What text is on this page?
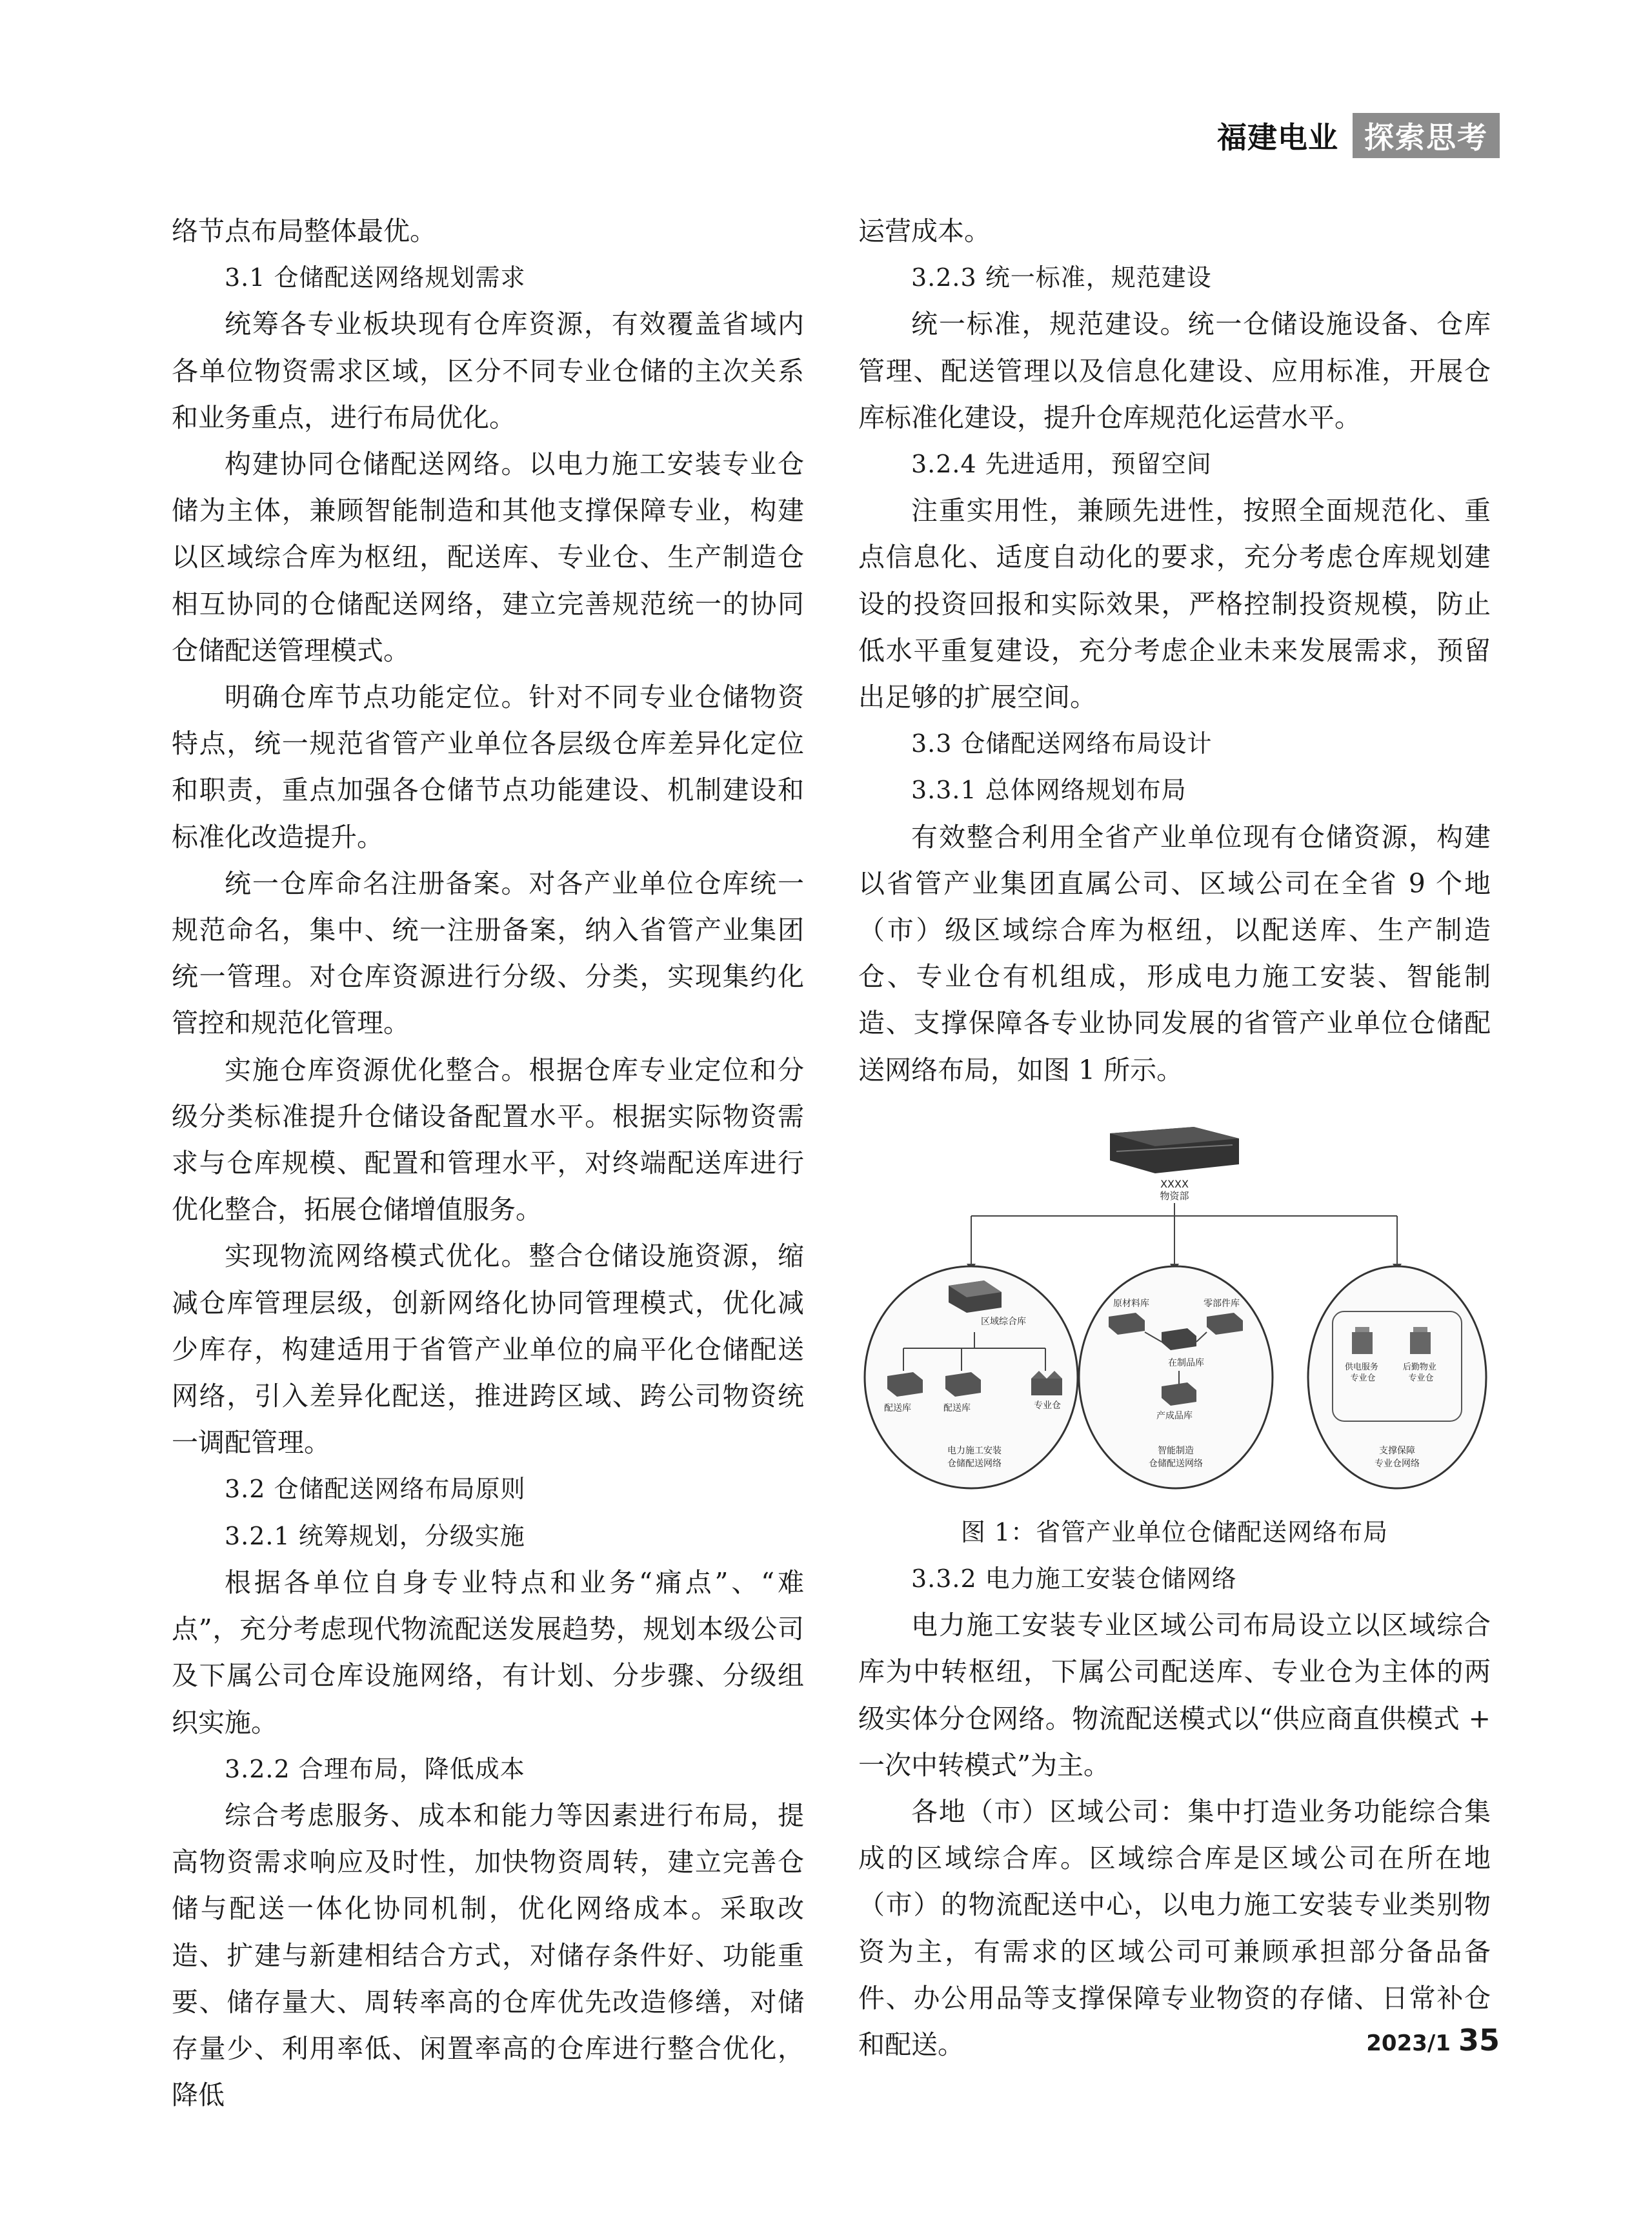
福建电业 探索思考

络节点布局整体最优。

3.1 仓储配送网络规划需求

统筹各专业板块现有仓库资源，有效覆盖省域内各单位物资需求区域，区分不同专业仓储的主次关系和业务重点，进行布局优化。

构建协同仓储配送网络。以电力施工安装专业仓储为主体，兼顾智能制造和其他支撑保障专业，构建以区域综合库为枢纽，配送库、专业仓、生产制造仓相互协同的仓储配送网络，建立完善规范统一的协同仓储配送管理模式。

明确仓库节点功能定位。针对不同专业仓储物资特点，统一规范省管产业单位各层级仓库差异化定位和职责，重点加强各仓储节点功能建设、机制建设和标准化改造提升。

统一仓库命名注册备案。对各产业单位仓库统一规范命名，集中、统一注册备案，纳入省管产业集团统一管理。对仓库资源进行分级、分类，实现集约化管控和规范化管理。

实施仓库资源优化整合。根据仓库专业定位和分级分类标准提升仓储设备配置水平。根据实际物资需求与仓库规模、配置和管理水平，对终端配送库进行优化整合，拓展仓储增值服务。

实现物流网络模式优化。整合仓储设施资源，缩减仓库管理层级，创新网络化协同管理模式，优化减少库存，构建适用于省管产业单位的扁平化仓储配送网络，引入差异化配送，推进跨区域、跨公司物资统一调配管理。

3.2 仓储配送网络布局原则

3.2.1 统筹规划，分级实施

根据各单位自身专业特点和业务“痛点”、“难点”，充分考虑现代物流配送发展趋势，规划本级公司及下属公司仓库设施网络，有计划、分步骤、分级组织实施。

3.2.2 合理布局，降低成本

综合考虑服务、成本和能力等因素进行布局，提高物资需求响应及时性，加快物资周转，建立完善仓储与配送一体化协同机制，优化网络成本。采取改造、扩建与新建相结合方式，对储存条件好、功能重要、储存量大、周转率高的仓库优先改造修缮，对储存量少、利用率低、闲置率高的仓库进行整合优化，降低

运营成本。

3.2.3 统一标准，规范建设

统一标准，规范建设。统一仓储设施设备、仓库管理、配送管理以及信息化建设、应用标准，开展仓库标准化建设，提升仓库规范化运营水平。

3.2.4 先进适用，预留空间

注重实用性，兼顾先进性，按照全面规范化、重点信息化、适度自动化的要求，充分考虑仓库规划建设的投资回报和实际效果，严格控制投资规模，防止低水平重复建设，充分考虑企业未来发展需求，预留出足够的扩展空间。

3.3 仓储配送网络布局设计

3.3.1 总体网络规划布局

有效整合利用全省产业单位现有仓储资源，构建以省管产业集团直属公司、区域公司在全省 9 个地（市）级区域综合库为枢纽，以配送库、生产制造仓、专业仓有机组成，形成电力施工安装、智能制造、支撑保障各专业协同发展的省管产业单位仓储配送网络布局，如图 1 所示。

XXXX
物资部
区域综合库
配送库	配送库	专业仓
电力施工安装
仓储配送网络
原材料库	零部件库
在制品库
产成品库
智能制造
仓储配送网络
供电服务 专业仓
后勤物业 专业仓
支撑保障
专业仓网络

图 1：省管产业单位仓储配送网络布局

3.3.2 电力施工安装仓储网络

电力施工安装专业区域公司布局设立以区域综合库为中转枢纽，下属公司配送库、专业仓为主体的两级实体分仓网络。物流配送模式以“供应商直供模式 + 一次中转模式”为主。

各地（市）区域公司：集中打造业务功能综合集成的区域综合库。区域综合库是区域公司在所在地（市）的物流配送中心，以电力施工安装专业类别物资为主，有需求的区域公司可兼顾承担部分备品备件、办公用品等支撑保障专业物资的存储、日常补仓和配送。	2023/1 35
